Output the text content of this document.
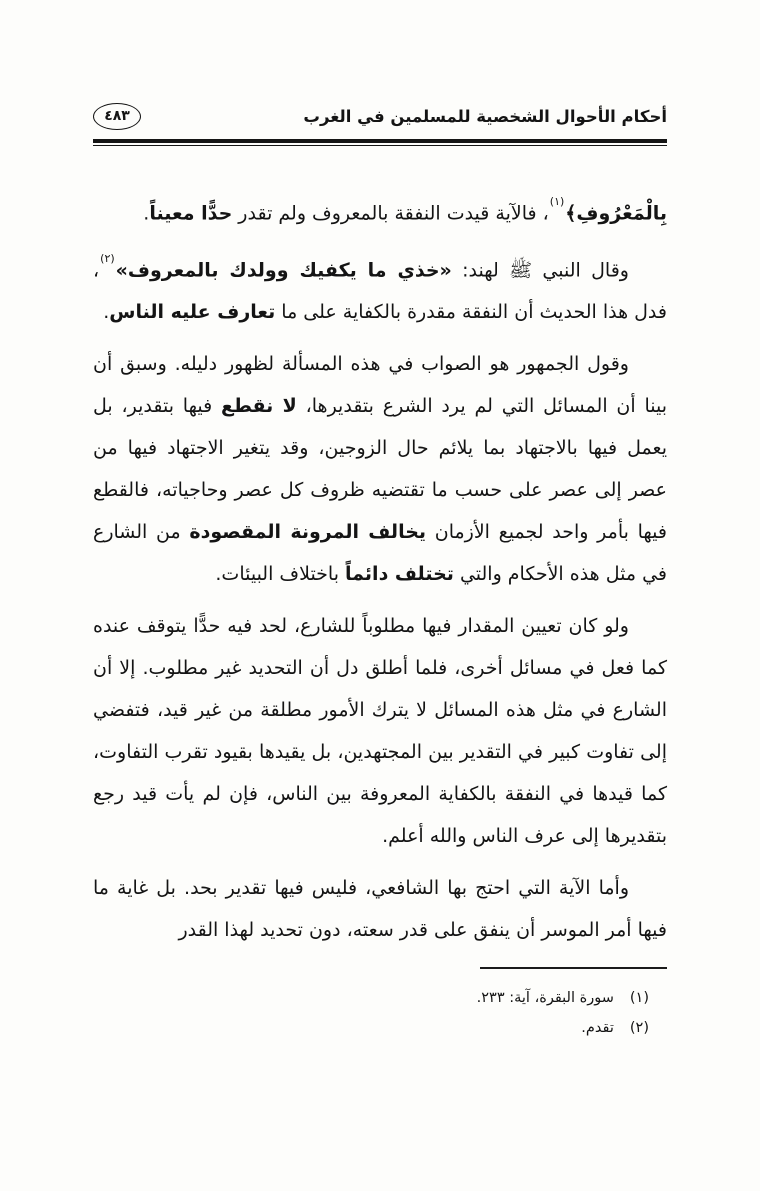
أحكام الأحوال الشخصية للمسلمين في الغرب
٤٨٣

بِالْمَعْرُوفِ﴾$^{(١)}$، فالآية قيدت النفقة بالمعروف ولم تقدر حدًّا معيناً.

وقال النبي ﷺ لهند: «خذي ما يكفيك وولدك بالمعروف»$^{(٢)}$، فدل هذا الحديث أن النفقة مقدرة بالكفاية على ما تعارف عليه الناس.

وقول الجمهور هو الصواب في هذه المسألة لظهور دليله. وسبق أن بينا أن المسائل التي لم يرد الشرع بتقديرها، لا نقطع فيها بتقدير، بل يعمل فيها بالاجتهاد بما يلائم حال الزوجين، وقد يتغير الاجتهاد فيها من عصر إلى عصر على حسب ما تقتضيه ظروف كل عصر وحاجياته، فالقطع فيها بأمر واحد لجميع الأزمان يخالف المرونة المقصودة من الشارع في مثل هذه الأحكام والتي تختلف دائماً باختلاف البيئات.

ولو كان تعيين المقدار فيها مطلوباً للشارع، لحد فيه حدًّا يتوقف عنده كما فعل في مسائل أخرى، فلما أطلق دل أن التحديد غير مطلوب. إلا أن الشارع في مثل هذه المسائل لا يترك الأمور مطلقة من غير قيد، فتفضي إلى تفاوت كبير في التقدير بين المجتهدين، بل يقيدها بقيود تقرب التفاوت، كما قيدها في النفقة بالكفاية المعروفة بين الناس، فإن لم يأت قيد رجع بتقديرها إلى عرف الناس والله أعلم.

وأما الآية التي احتج بها الشافعي، فليس فيها تقدير بحد. بل غاية ما فيها أمر الموسر أن ينفق على قدر سعته، دون تحديد لهذا القدر

(١)
سورة البقرة، آية: ٢٣٣.
(٢)
تقدم.
